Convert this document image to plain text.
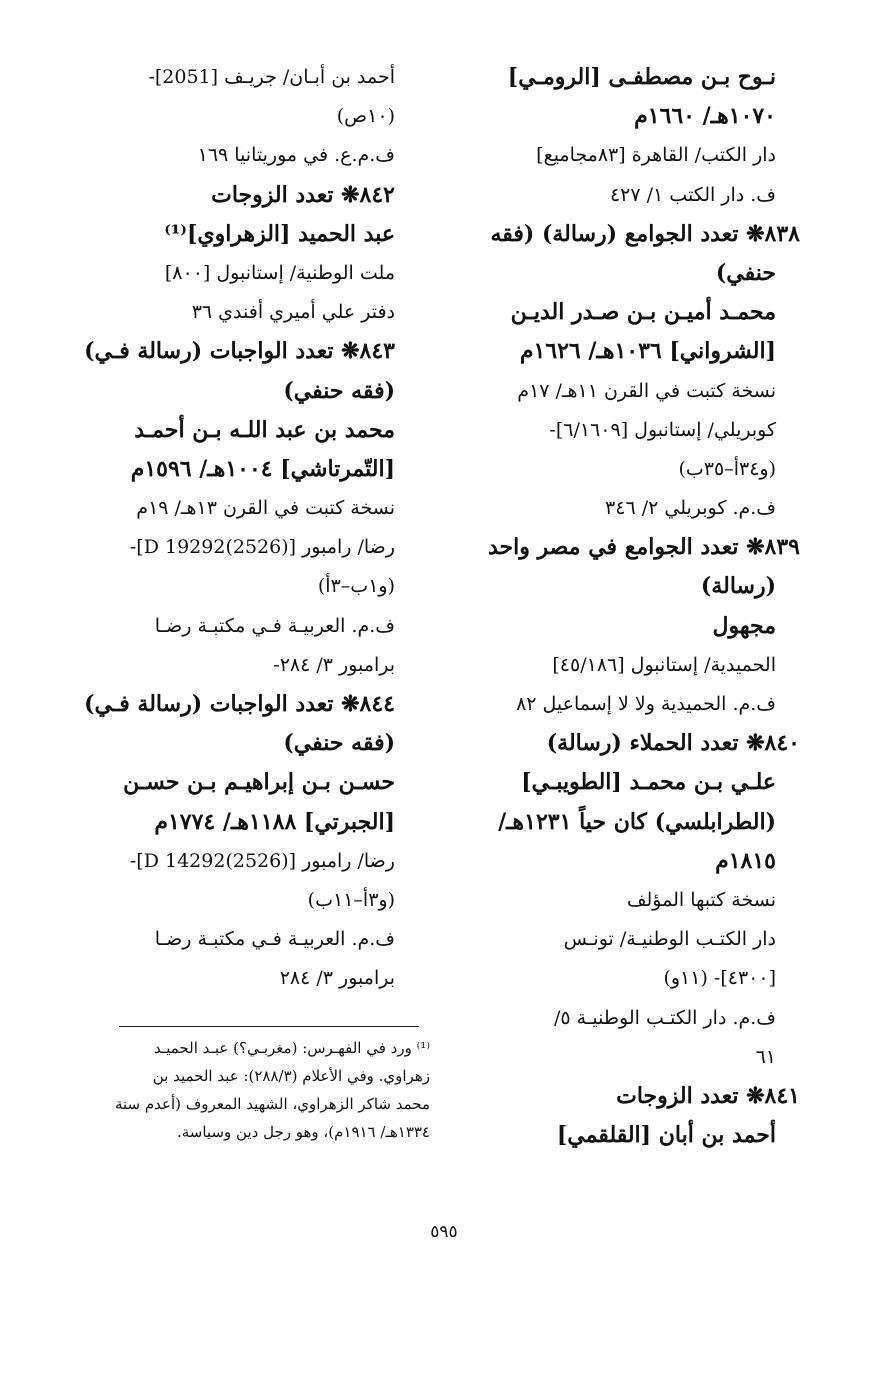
نـوح بـن مصطفـى [الرومـي]
١٠٧٠هـ/ ١٦٦٠م
دار الكتب/ القاهرة [٨٣مجاميع]
ف. دار الكتب ١/ ٤٢٧
٨٣٨❋ تعدد الجوامع (رسالة) (فقه
حنفي)
محمـد أميـن بـن صـدر الديـن
[الشرواني] ١٠٣٦هـ/ ١٦٢٦م
نسخة كتبت في القرن ١١هـ/ ١٧م
كوبريلي/ إستانبول [٦/١٦٠٩]-
(و٣٤أ–٣٥ب)
ف.م. كوبريلي ٢/ ٣٤٦
٨٣٩❋ تعدد الجوامع في مصر واحد
(رسالة)
مجهول
الحميدية/ إستانبول [٤٥/١٨٦]
ف.م. الحميدية ولا لا إسماعيل ٨٢
٨٤٠❋ تعدد الحملاء (رسالة)
علـي بـن محمـد [الطويبـي]
(الطرابلسي) كان حياً ١٢٣١هـ/
١٨١٥م
نسخة كتبها المؤلف
دار الكتـب الوطنيـة/ تونـس
[٤٣٠٠]- (١١و)
ف.م. دار الكتـب الوطنيـة ٥/
٦١
٨٤١❋ تعدد الزوجات
أحمد بن أبان [القلقمي]
أحمد بن أبـان/ جريـف [2051]-
(١٠ص)
ف.م.ع. في موريتانيا ١٦٩
٨٤٢❋ تعدد الزوجات
عبد الحميد [الزهراوي]⁽¹⁾
ملت الوطنية/ إستانبول [٨٠٠]
دفتر علي أميري أفندي ٣٦
٨٤٣❋ تعدد الواجبات (رسالة فـي)
(فقه حنفي)
محمد بن عبد اللـه بـن أحمـد
[التّمرتاشي] ١٠٠٤هـ/ ١٥٩٦م
نسخة كتبت في القرن ١٣هـ/ ١٩م
رضا/ رامبور [D 19292(2526)]-
(و١ب–٣أ)
ف.م. العربيـة فـي مكتبـة رضـا
برامبور ٣/ ٢٨٤-
٨٤٤❋ تعدد الواجبات (رسالة فـي)
(فقه حنفي)
حسـن بـن إبراهيـم بـن حسـن
[الجبرتي] ١١٨٨هـ/ ١٧٧٤م
رضا/ رامبور [D 14292(2526)]-
(و٣أ–١١ب)
ف.م. العربيـة فـي مكتبـة رضـا
برامبور ٣/ ٢٨٤
⁽¹⁾ ورد في الفهـرس: (مغربـي؟) عبـد الحميـد
زهراوي. وفي الأعلام (٢٨٨/٣): عبد الحميد بن
محمد شاكر الزهراوي، الشهيد المعروف (أعدم سنة
١٣٣٤هـ/ ١٩١٦م)، وهو رجل دين وسياسة.
٥٩٥
